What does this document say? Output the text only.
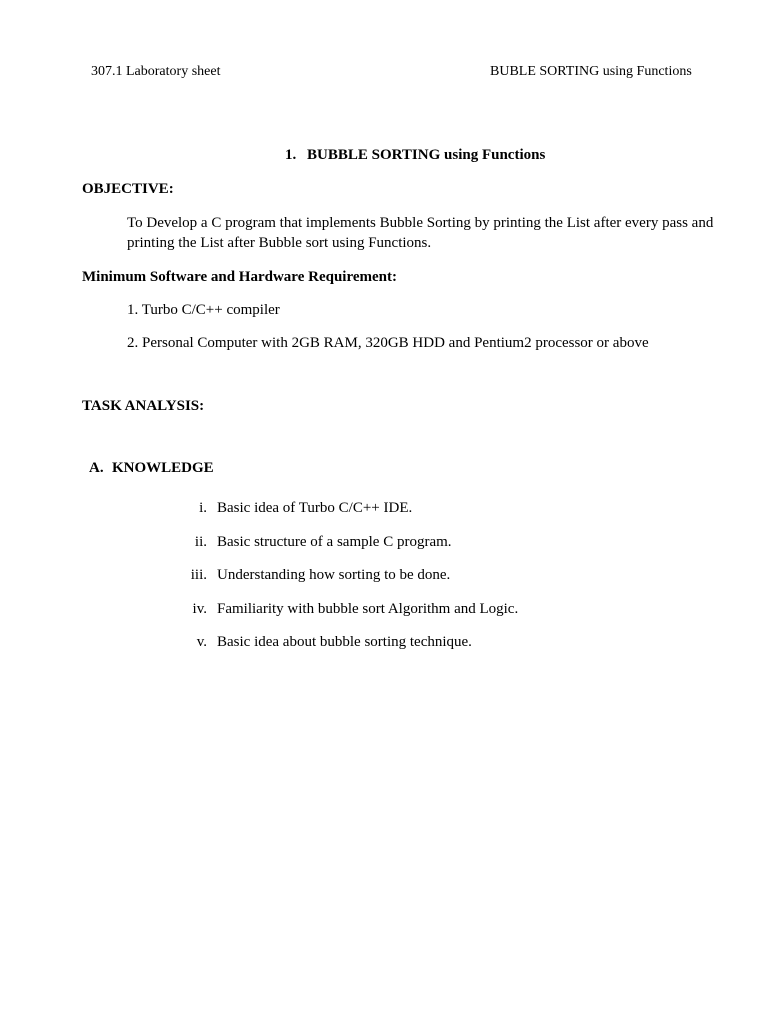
307.1 Laboratory sheet	BUBLE SORTING using Functions
1. BUBBLE SORTING using Functions
OBJECTIVE:
To Develop a C program that implements Bubble Sorting by printing the List after every pass and
printing the List after Bubble sort using Functions.
Minimum Software and Hardware Requirement:
1. Turbo C/C++ compiler
2. Personal Computer with 2GB RAM, 320GB HDD and Pentium2 processor or above
TASK ANALYSIS:
A. KNOWLEDGE
i. Basic idea of Turbo C/C++ IDE.
ii. Basic structure of a sample C program.
iii. Understanding how sorting to be done.
iv. Familiarity with bubble sort Algorithm and Logic.
v. Basic idea about bubble sorting technique.
